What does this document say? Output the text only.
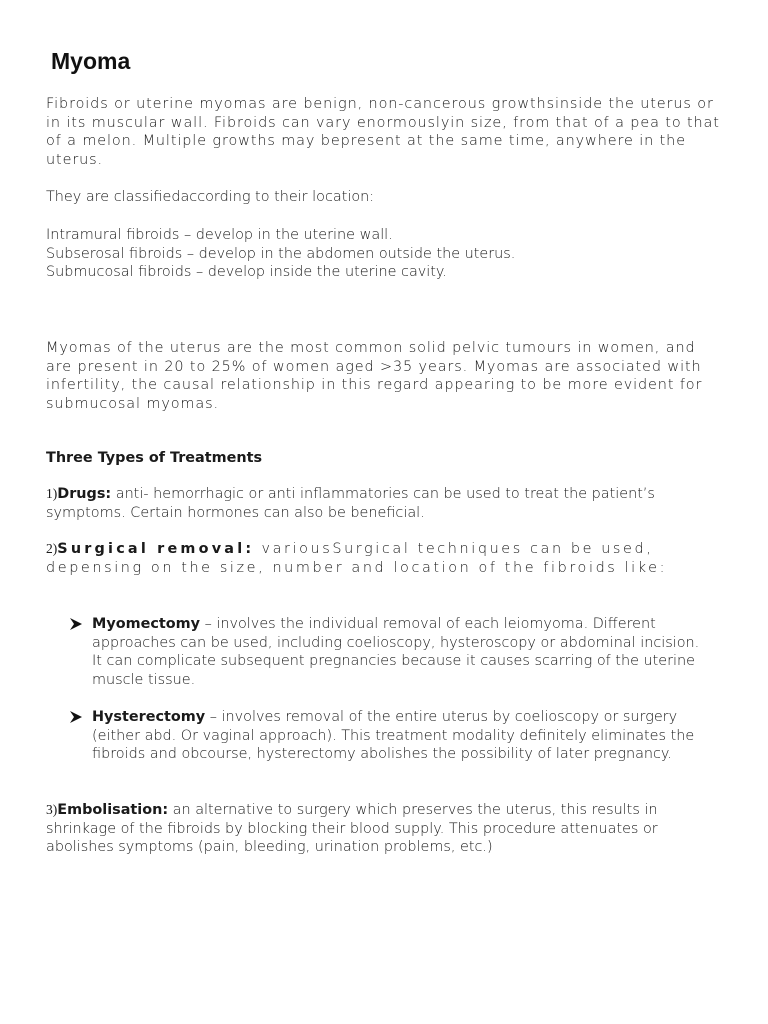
Myoma

Fibroids or uterine myomas are benign, non-cancerous growthsinside the uterus or in its muscular wall. Fibroids can vary enormouslyin size, from that of a pea to that of a melon. Multiple growths may bepresent at the same time, anywhere in the uterus.

They are classifiedaccording to their location:

Intramural fibroids – develop in the uterine wall.
Subserosal fibroids – develop in the abdomen outside the uterus.
Submucosal fibroids – develop inside the uterine cavity.

Myomas of the uterus are the most common solid pelvic tumours in women, and are present in 20 to 25% of women aged >35 years. Myomas are associated with infertility, the causal relationship in this regard appearing to be more evident for submucosal myomas.

Three Types of Treatments

1)Drugs: anti- hemorrhagic or anti inflammatories can be used to treat the patient’s symptoms. Certain hormones can also be beneficial.

2)Surgical removal: variousSurgical techniques can be used, depensing on the size, number and location of the fibroids like:

Myomectomy – involves the individual removal of each leiomyoma. Different approaches can be used, including coelioscopy, hysteroscopy or abdominal incision. It can complicate subsequent pregnancies because it causes scarring of the uterine muscle tissue.

Hysterectomy – involves removal of the entire uterus by coelioscopy or surgery (either abd. Or vaginal approach). This treatment modality definitely eliminates the fibroids and obcourse, hysterectomy abolishes the possibility of later pregnancy.

3)Embolisation: an alternative to surgery which preserves the uterus, this results in shrinkage of the fibroids by blocking their blood supply. This procedure attenuates or abolishes symptoms (pain, bleeding, urination problems, etc.)
